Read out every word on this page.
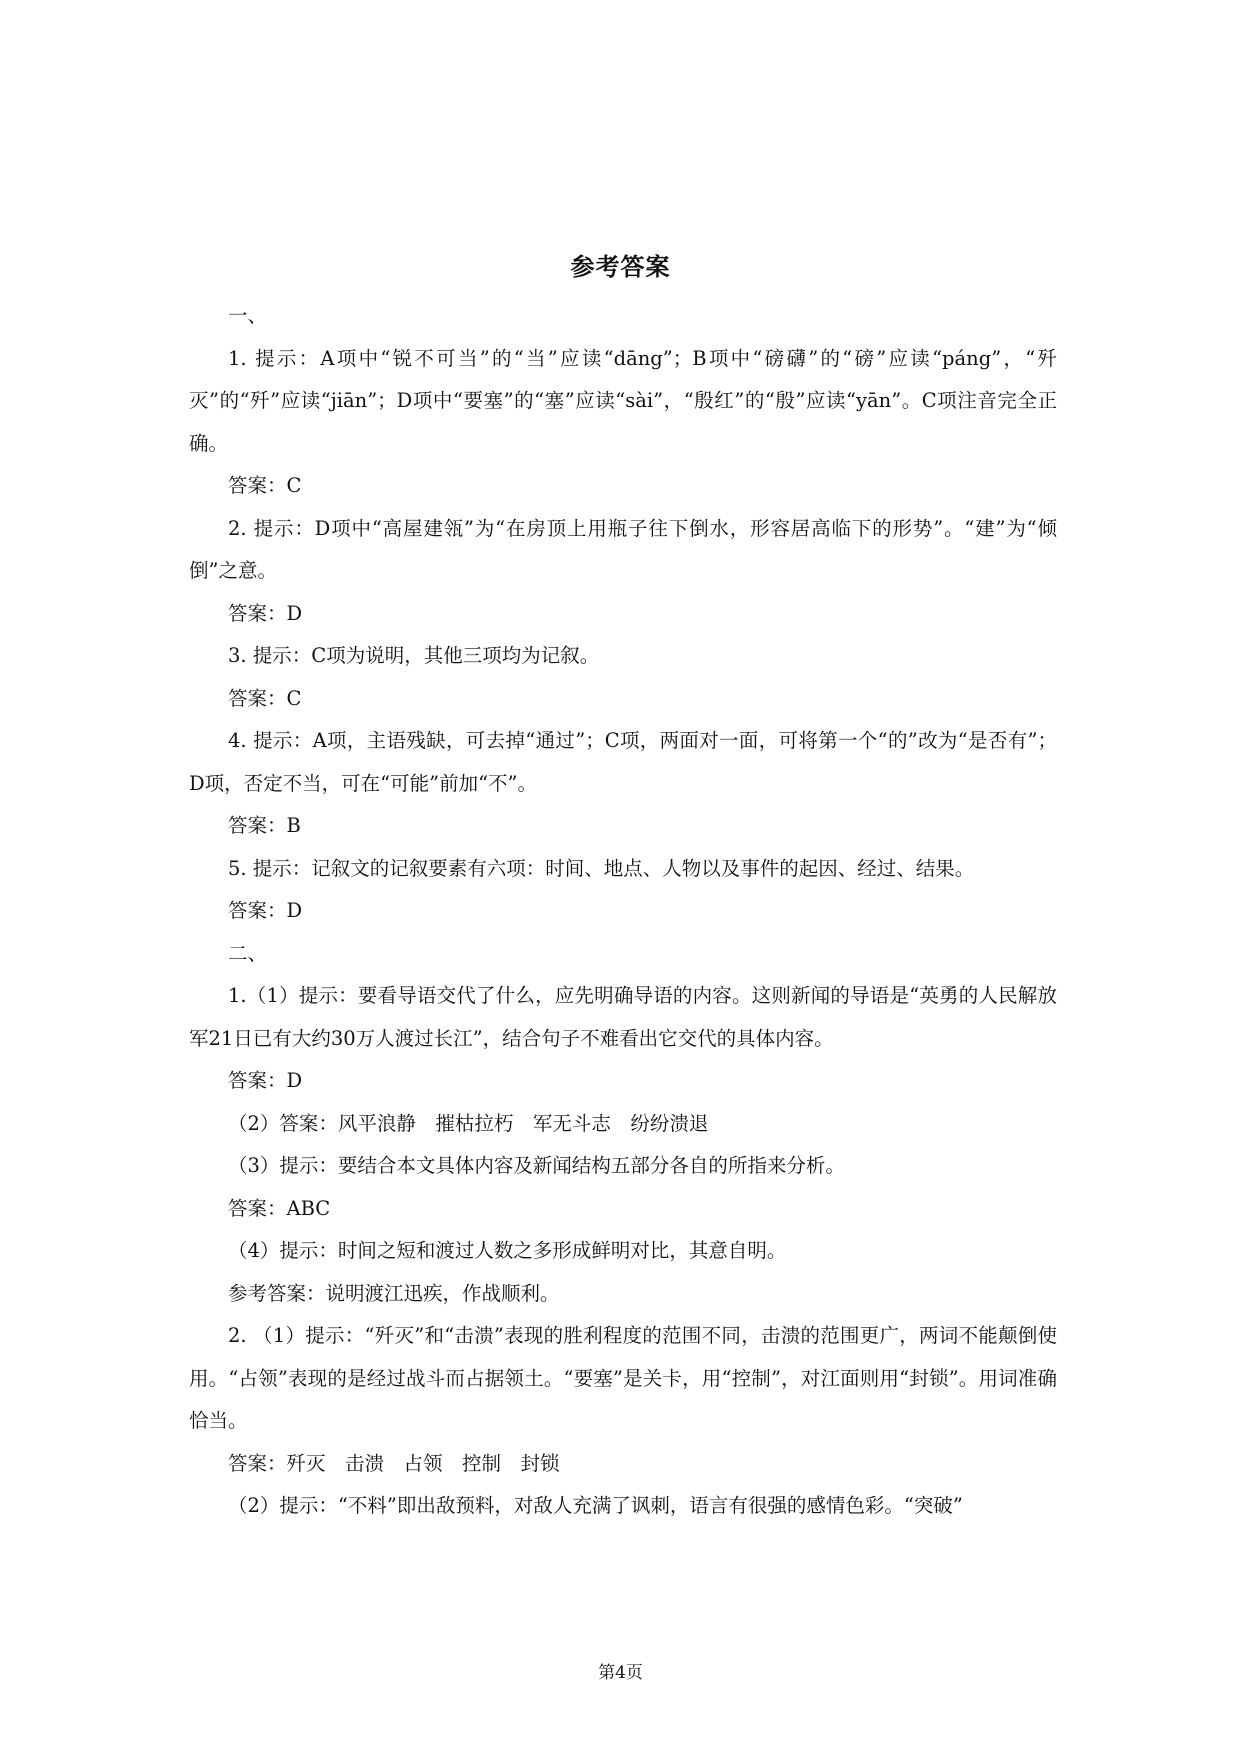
参考答案

一、

1. 提示：A项中“锐不可当”的“当”应读“dāng”；B项中“磅礴”的“磅”应读“páng”，“歼灭”的“歼”应读“jiān”；D项中“要塞”的“塞”应读“sài”，“殷红”的“殷”应读“yān”。C项注音完全正确。

答案：C

2. 提示：D项中“高屋建瓴”为“在房顶上用瓶子往下倒水，形容居高临下的形势”。“建”为“倾倒”之意。

答案：D

3. 提示：C项为说明，其他三项均为记叙。

答案：C

4. 提示：A项，主语残缺，可去掉“通过”；C项，两面对一面，可将第一个“的”改为“是否有”；D项，否定不当，可在“可能”前加“不”。

答案：B

5. 提示：记叙文的记叙要素有六项：时间、地点、人物以及事件的起因、经过、结果。

答案：D

二、

1.（1）提示：要看导语交代了什么，应先明确导语的内容。这则新闻的导语是“英勇的人民解放军21日已有大约30万人渡过长江”，结合句子不难看出它交代的具体内容。

答案：D

（2）答案：风平浪静　摧枯拉朽　军无斗志　纷纷溃退

（3）提示：要结合本文具体内容及新闻结构五部分各自的所指来分析。

答案：ABC

（4）提示：时间之短和渡过人数之多形成鲜明对比，其意自明。

参考答案：说明渡江迅疾，作战顺利。

2. （1）提示：“歼灭”和“击溃”表现的胜利程度的范围不同，击溃的范围更广，两词不能颠倒使用。“占领”表现的是经过战斗而占据领土。“要塞”是关卡，用“控制”，对江面则用“封锁”。用词准确恰当。

答案：歼灭　击溃　占领　控制　封锁

（2）提示：“不料”即出敌预料，对敌人充满了讽刺，语言有很强的感情色彩。“突破”

第4页
